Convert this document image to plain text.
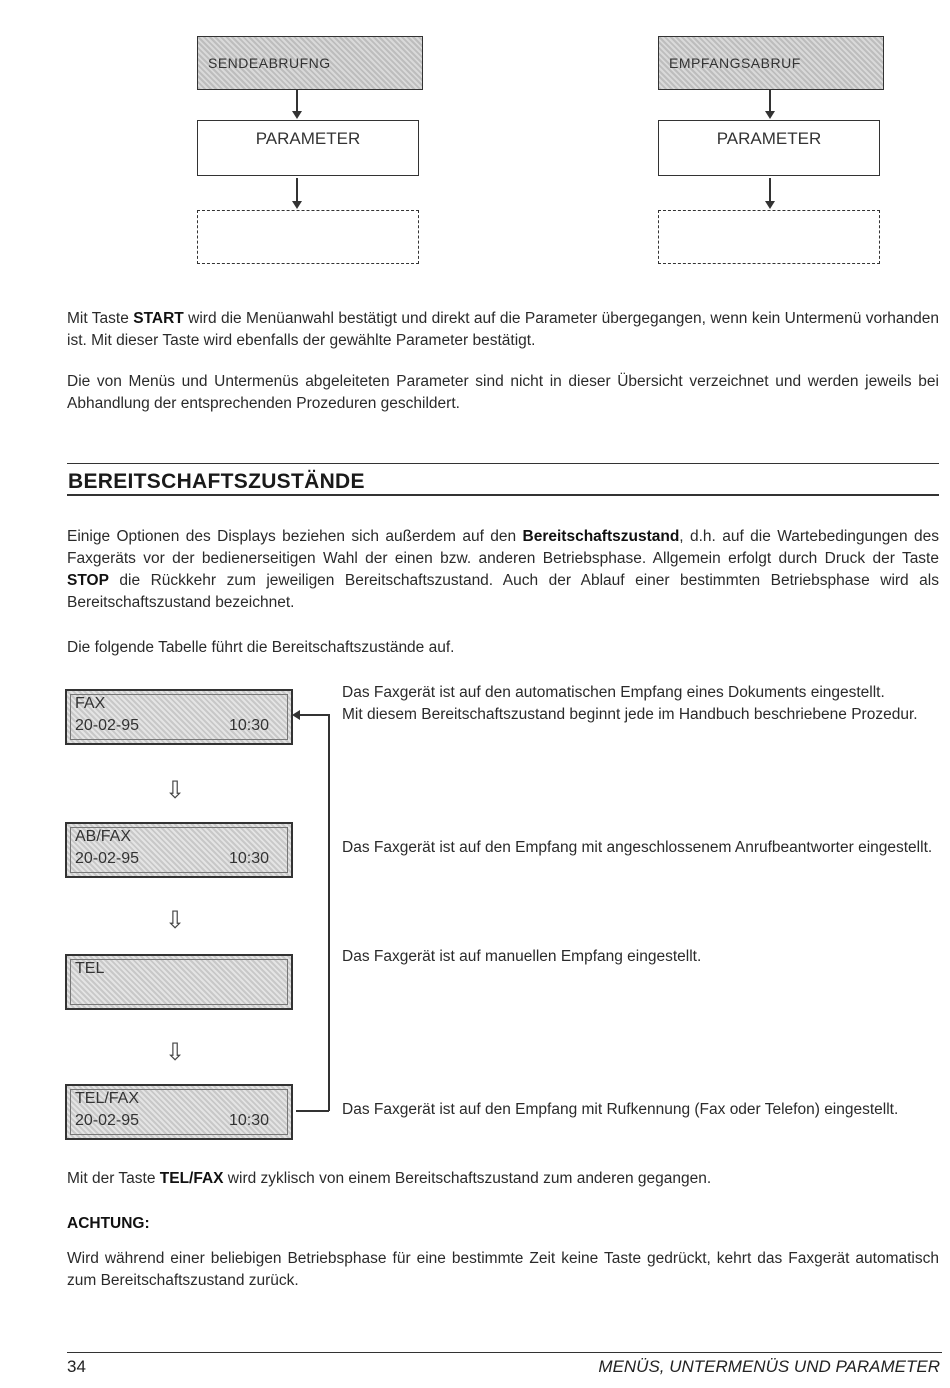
SENDEABRUFNG
PARAMETER
EMPFANGSABRUF
PARAMETER
Mit Taste START wird die Menüanwahl bestätigt und direkt auf die Parameter übergegangen, wenn kein Untermenü vorhanden ist. Mit dieser Taste wird ebenfalls der gewählte Parameter bestätigt.
Die von Menüs und Untermenüs abgeleiteten Parameter sind nicht in dieser Übersicht verzeichnet und werden jeweils bei Abhandlung der entsprechenden Prozeduren geschildert.
BEREITSCHAFTSZUSTÄNDE
Einige Optionen des Displays beziehen sich außerdem auf den Bereitschaftszustand, d.h. auf die Wartebedingungen des Faxgeräts vor der bedienerseitigen Wahl der einen bzw. anderen Betriebsphase. Allgemein erfolgt durch Druck der Taste STOP die Rückkehr zum jeweiligen Bereitschaftszustand. Auch der Ablauf einer bestimmten Betriebsphase wird als Bereitschaftszustand bezeichnet.
Die folgende Tabelle führt die Bereitschaftszustände auf.
FAX
20-02-95	10:30
Das Faxgerät ist auf den automatischen Empfang eines Dokuments eingestellt.
Mit diesem Bereitschaftszustand beginnt jede im Handbuch beschriebene Prozedur.
⇩
AB/FAX
20-02-95	10:30
Das Faxgerät ist auf den Empfang mit angeschlossenem Anrufbeantworter eingestellt.
⇩
TEL
Das Faxgerät ist auf manuellen Empfang eingestellt.
⇩
TEL/FAX
20-02-95	10:30
Das Faxgerät ist auf den Empfang mit Rufkennung (Fax oder Telefon) eingestellt.
Mit der Taste TEL/FAX wird zyklisch von einem Bereitschaftszustand zum anderen gegangen.
ACHTUNG:
Wird während einer beliebigen Betriebsphase für eine bestimmte Zeit keine Taste gedrückt, kehrt das Faxgerät automatisch zum Bereitschaftszustand zurück.
34	MENÜS, UNTERMENÜS UND PARAMETER
